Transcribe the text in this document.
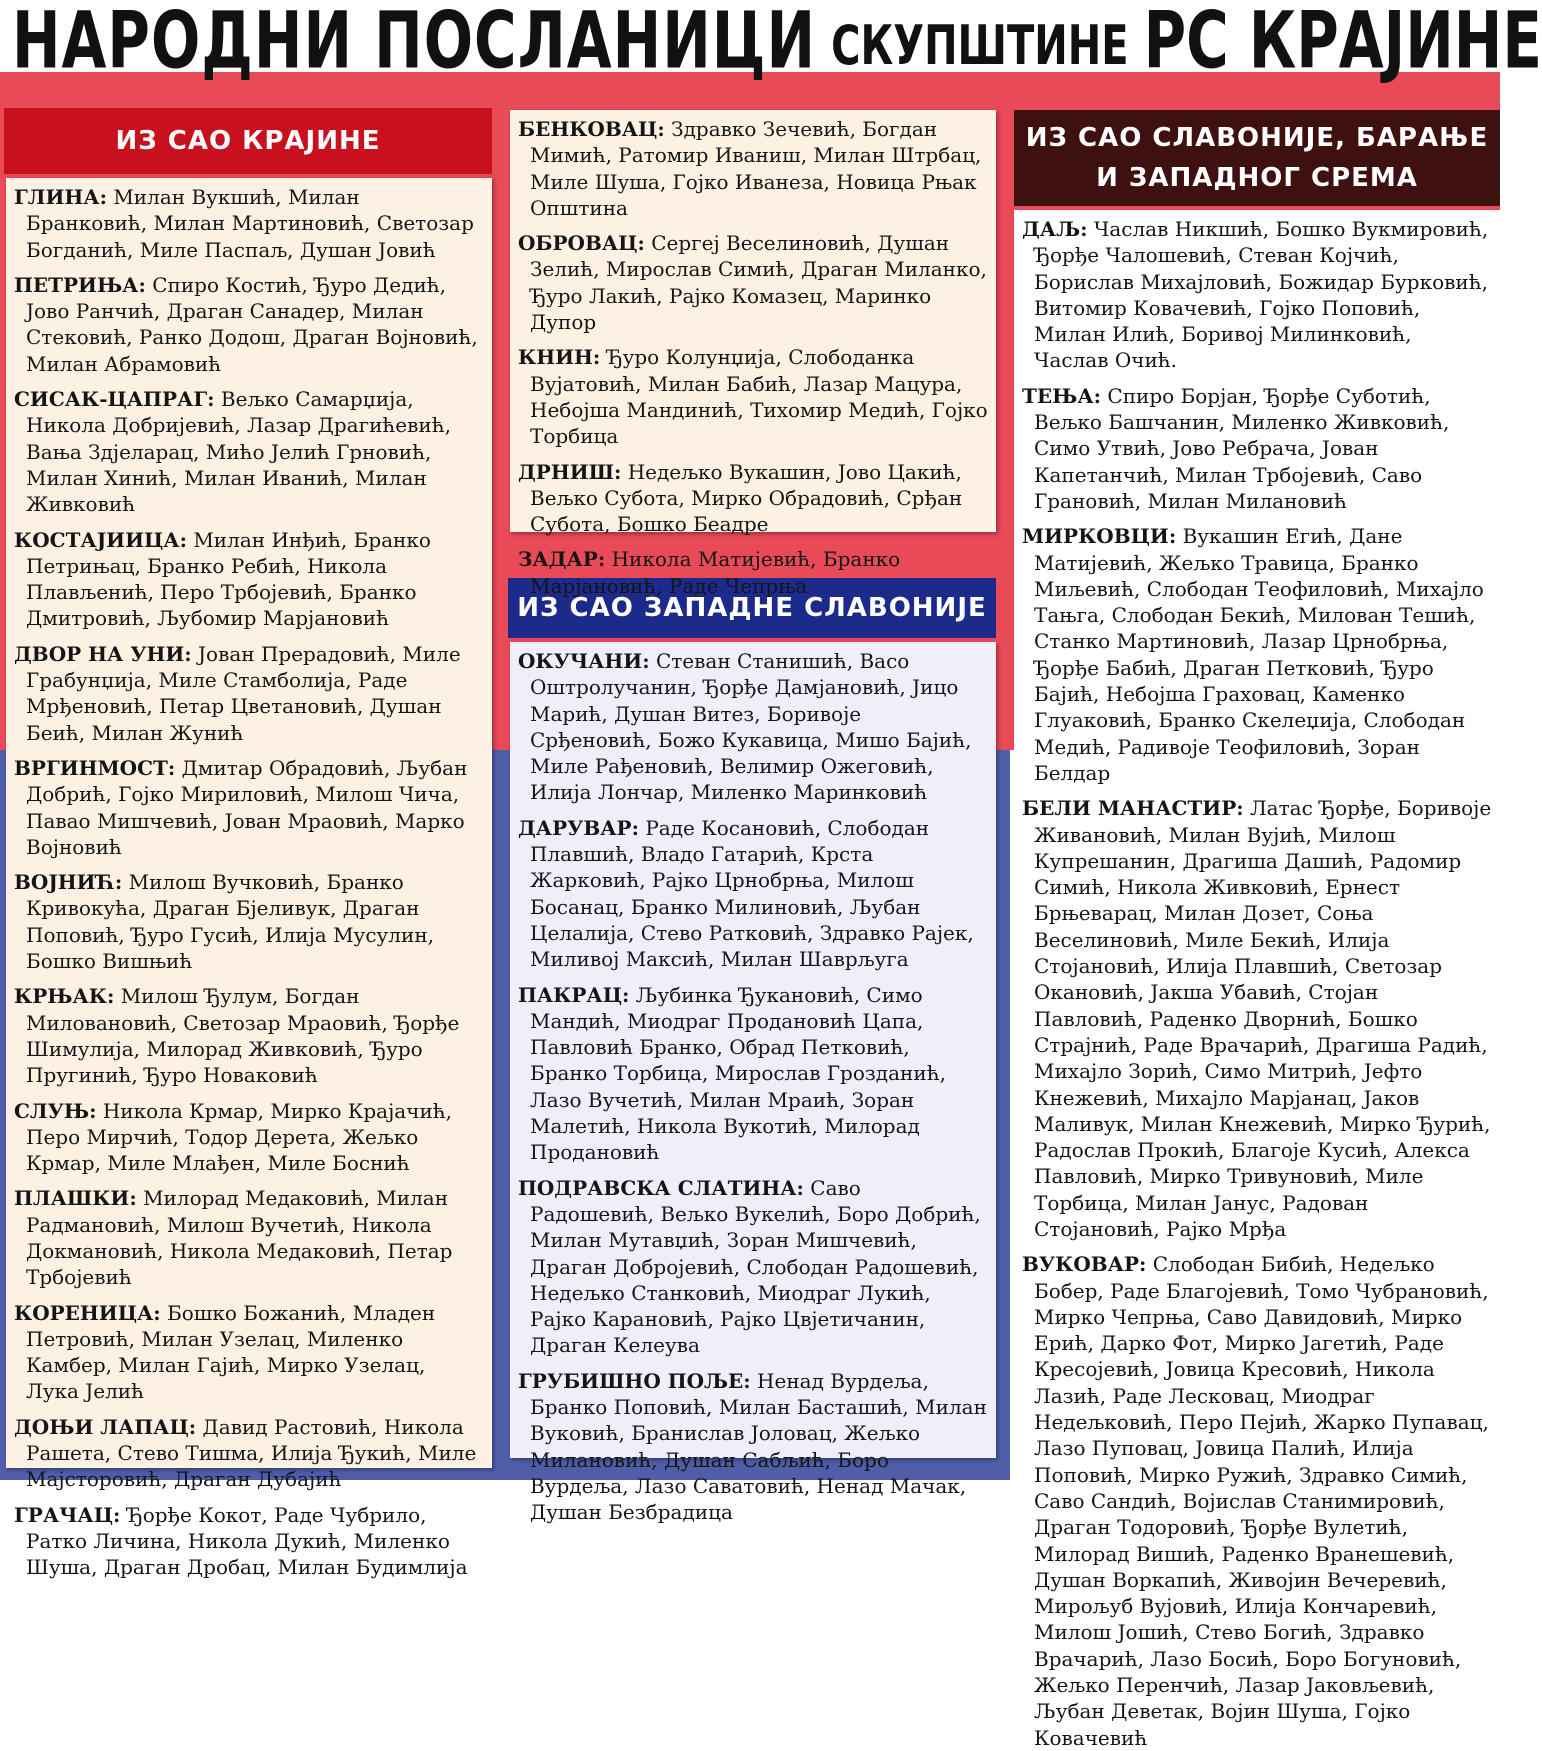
НАРОДНИ ПОСЛАНИЦИ СКУПШТИНЕ РС КРАЈИНЕ
ИЗ САО КРАЈИНЕ
ИЗ САО ЗАПАДНЕ СЛАВОНИЈЕ
ИЗ САО СЛАВОНИЈЕ, БАРАЊЕ И ЗАПАДНОГ СРЕМА
ГЛИНА: Милан Вукшић, Милан Бранковић, Милан Мартиновић, Светозар Богданић, Миле Паспаљ, Душан Јовић
ПЕТРИЊА: Спиро Костић, Ђуро Дедић, Јово Ранчић, Драган Санадер, Милан Стековић, Ранко Додош, Драган Војновић, Милан Абрамовић
СИСАК-ЦАПРАГ: Вељко Самарџија, Никола Добријевић, Лазар Драгићевић, Вања Здјеларац, Мићо Јелић Грновић, Милан Хинић, Милан Иванић, Милан Живковић
КОСТАЈИИЦА: Милан Инђић, Бранко Петрињац, Бранко Ребић, Никола Плављенић, Перо Трбојевић, Бранко Дмитровић, Љубомир Марјановић
ДВОР НА УНИ: Јован Прерадовић, Миле Грабунџија, Миле Стамболија, Раде Мрђеновић, Петар Цветановић, Душан Беић, Милан Жунић
ВРГИНМОСТ: Дмитар Обрадовић, Љубан Добрић, Гојко Мириловић, Милош Чича, Павао Мишчевић, Јован Мраовић, Марко Војновић
ВОЈНИЋ: Милош Вучковић, Бранко Кривокућа, Драган Бјеливук, Драган Поповић, Ђуро Гусић, Илија Мусулин, Бошко Вишњић
КРЊАК: Милош Ђулум, Богдан Миловановић, Светозар Мраовић, Ђорђе Шимулија, Милорад Живковић, Ђуро Пругинић, Ђуро Новаковић
СЛУЊ: Никола Крмар, Мирко Крајачић, Перо Мирчић, Тодор Дерета, Жељко Крмар, Миле Млађен, Миле Боснић
ПЛАШКИ: Милорад Медаковић, Милан Радмановић, Милош Вучетић, Никола Докмановић, Никола Медаковић, Петар Трбојевић
КОРЕНИЦА: Бошко Божанић, Младен Петровић, Милан Узелац, Миленко Камбер, Милан Гајић, Мирко Узелац, Лука Јелић
ДОЊИ ЛАПАЦ: Давид Растовић, Никола Рашета, Стево Тишма, Илија Ђукић, Миле Мајсторовић, Драган Дубајић
ГРАЧАЦ: Ђорђе Кокот, Раде Чубрило, Ратко Личина, Никола Дукић, Миленко Шуша, Драган Дробац, Милан Будимлија
БЕНКОВАЦ: Здравко Зечевић, Богдан Мимић, Ратомир Иваниш, Милан Штрбац, Миле Шуша, Гојко Иванеза, Новица Рњак Општина
ОБРОВАЦ: Сергеј Веселиновић, Душан Зелић, Мирослав Симић, Драган Миланко, Ђуро Лакић, Рајко Комазец, Маринко Дупор
КНИН: Ђуро Колунџија, Слободанка Вујатовић, Милан Бабић, Лазар Мацура, Небојша Мандинић, Тихомир Медић, Гојко Торбица
ДРНИШ: Недељко Вукашин, Јово Цакић, Вељко Субота, Мирко Обрадовић, Срђан Субота, Бошко Беадре
ЗАДАР: Никола Матијевић, Бранко Марјановић, Раде Чепрња
ОКУЧАНИ: Стеван Станишић, Васо Оштролучанин, Ђорђе Дамјановић, Јицо Марић, Душан Витез, Боривоје Срђеновић, Божо Кукавица, Мишо Бајић, Миле Рађеновић, Велимир Ожеговић, Илија Лончар, Миленко Маринковић
ДАРУВАР: Раде Косановић, Слободан Плавшић, Владо Гатарић, Крста Жарковић, Рајко Црнобрња, Милош Босанац, Бранко Милиновић, Љубан Целалија, Стево Ратковић, Здравко Рајек, Миливој Максић, Милан Шаврљуга
ПАКРАЦ: Љубинка Ђукановић, Симо Мандић, Миодраг Продановић Цапа, Павловић Бранко, Обрад Петковић, Бранко Торбица, Мирослав Грозданић, Лазо Вучетић, Милан Мраић, Зоран Малетић, Никола Вукотић, Милорад Продановић
ПОДРАВСКА СЛАТИНА: Саво Радошевић, Вељко Вукелић, Боро Добрић, Милан Мутавџић, Зоран Мишчевић, Драган Добројевић, Слободан Радошевић, Недељко Станковић, Миодраг Лукић, Рајко Карановић, Рајко Цвјетичанин, Драган Келеува
ГРУБИШНО ПОЉЕ: Ненад Вурдеља, Бранко Поповић, Милан Басташић, Милан Вуковић, Бранислав Јоловац, Жељко Милановић, Душан Сабљић, Боро Вурдеља, Лазо Саватовић, Ненад Мачак, Душан Безбрадица
ДАЉ: Часлав Никшић, Бошко Вукмировић, Ђорђе Чалошевић, Стеван Којчић, Борислав Михајловић, Божидар Бурковић, Витомир Ковачевић, Гојко Поповић, Милан Илић, Боривој Милинковић, Часлав Очић.
ТЕЊА: Спиро Борјан, Ђорђе Суботић, Вељко Башчанин, Миленко Живковић, Симо Утвић, Јово Ребрача, Јован Капетанчић, Милан Трбојевић, Саво Грановић, Милан Милановић
МИРКОВЦИ: Вукашин Егић, Дане Матијевић, Жељко Травица, Бранко Миљевић, Слободан Теофиловић, Михајло Тањга, Слободан Бекић, Милован Тешић, Станко Мартиновић, Лазар Црнобрња, Ђорђе Бабић, Драган Петковић, Ђуро Бајић, Небојша Граховац, Каменко Глуаковић, Бранко Скелеџија, Слободан Медић, Радивоје Теофиловић, Зоран Белдар
БЕЛИ МАНАСТИР: Латас Ђорђе, Боривоје Живановић, Милан Вујић, Милош Купрешанин, Драгиша Дашић, Радомир Симић, Никола Живковић, Ернест Брњеварац, Милан Дозет, Соња Веселиновић, Миле Бекић, Илија Стојановић, Илија Плавшић, Светозар Окановић, Јакша Убавић, Стојан Павловић, Раденко Дворнић, Бошко Страјнић, Раде Врачарић, Драгиша Радић, Михајло Зорић, Симо Митрић, Јефто Кнежевић, Михајло Марјанац, Јаков Маливук, Милан Кнежевић, Мирко Ђурић, Радослав Прокић, Благоје Кусић, Алекса Павловић, Мирко Тривуновић, Миле Торбица, Милан Јанус, Радован Стојановић, Рајко Мрђа
ВУКОВАР: Слободан Бибић, Недељко Бобер, Раде Благојевић, Томо Чубрановић, Мирко Чепрња, Саво Давидовић, Мирко Ерић, Дарко Фот, Мирко Јагетић, Раде Кресојевић, Јовица Кресовић, Никола Лазић, Раде Лесковац, Миодраг Недељковић, Перо Пејић, Жарко Пупавац, Лазо Пуповац, Јовица Палић, Илија Поповић, Мирко Ружић, Здравко Симић, Саво Сандић, Војислав Станимировић, Драган Тодоровић, Ђорђе Вулетић, Милорад Вишић, Раденко Вранешевић, Душан Воркапић, Живојин Вечеревић, Мирољуб Вујовић, Илија Кончаревић, Милош Јошић, Стево Богић, Здравко Врачарић, Лазо Босић, Боро Богуновић, Жељко Перенчић, Лазар Јаковљевић, Љубан Деветак, Војин Шуша, Гојко Ковачевић
